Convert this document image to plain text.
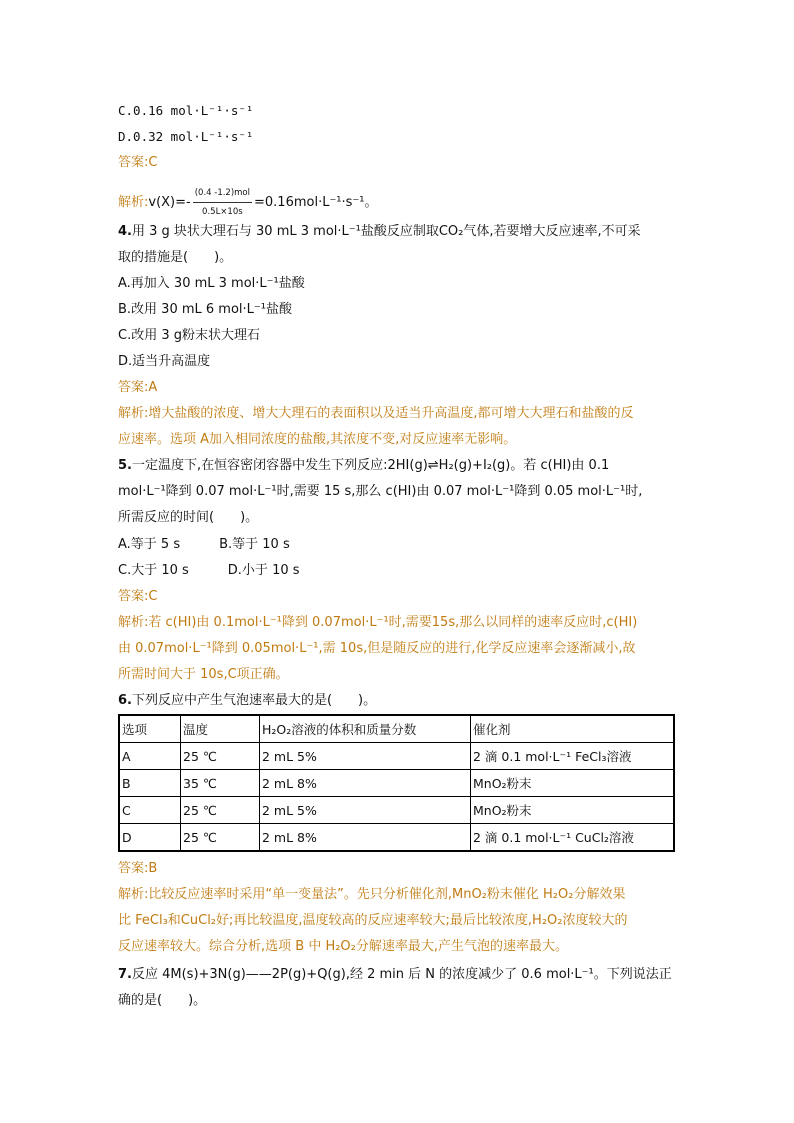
C.0.16 mol·L⁻¹·s⁻¹
D.0.32 mol·L⁻¹·s⁻¹
答案:C
解析:v(X)=- $\frac{\text{(0.4 -1.2)mol}}{0.5L\times 10s} =0.16mol\cdot L^{-1}\cdot s^{-1}$。
4.用 3 g 块状大理石与 30 mL 3 mol·L⁻¹盐酸反应制取CO₂气体,若要增大反应速率,不可采
取的措施是(　　)。
A.再加入 30 mL 3 mol·L⁻¹盐酸
B.改用 30 mL 6 mol·L⁻¹盐酸
C.改用 3 g粉末状大理石
D.适当升高温度
答案:A
解析:增大盐酸的浓度、增大大理石的表面积以及适当升高温度,都可增大大理石和盐酸的反
应速率。选项 A加入相同浓度的盐酸,其浓度不变,对反应速率无影响。
5.一定温度下,在恒容密闭容器中发生下列反应:2HI(g)⇌H₂(g)+I₂(g)。若 c(HI)由 0.1
mol·L⁻¹降到 0.07 mol·L⁻¹时,需要 15 s,那么 c(HI)由 0.07 mol·L⁻¹降到 0.05 mol·L⁻¹时,
所需反应的时间(　　)。
A.等于 5 s　　　B.等于 10 s
C.大于 10 s　　　D.小于 10 s
答案:C
解析:若 c(HI)由 0.1mol·L⁻¹降到 0.07mol·L⁻¹时,需要15s,那么以同样的速率反应时,c(HI)
由 0.07mol·L⁻¹降到 0.05mol·L⁻¹,需 10s,但是随反应的进行,化学反应速率会逐渐减小,故
所需时间大于 10s,C项正确。
6.下列反应中产生气泡速率最大的是(　　)。
选项	温度	H₂O₂溶液的体积和质量分数	催化剂
A	25 ℃	2 mL 5%	2 滴 0.1 mol·L⁻¹ FeCl₃溶液
B	35 ℃	2 mL 8%	MnO₂粉末
C	25 ℃	2 mL 5%	MnO₂粉末
D	25 ℃	2 mL 8%	2 滴 0.1 mol·L⁻¹ CuCl₂溶液
答案:B
解析:比较反应速率时采用“单一变量法”。先只分析催化剂,MnO₂粉末催化 H₂O₂分解效果
比 FeCl₃和CuCl₂好;再比较温度,温度较高的反应速率较大;最后比较浓度,H₂O₂浓度较大的
反应速率较大。综合分析,选项 B 中 H₂O₂分解速率最大,产生气泡的速率最大。
7.反应 4M(s)+3N(g)——2P(g)+Q(g),经 2 min 后 N 的浓度减少了 0.6 mol·L⁻¹。下列说法正
确的是(　　)。
